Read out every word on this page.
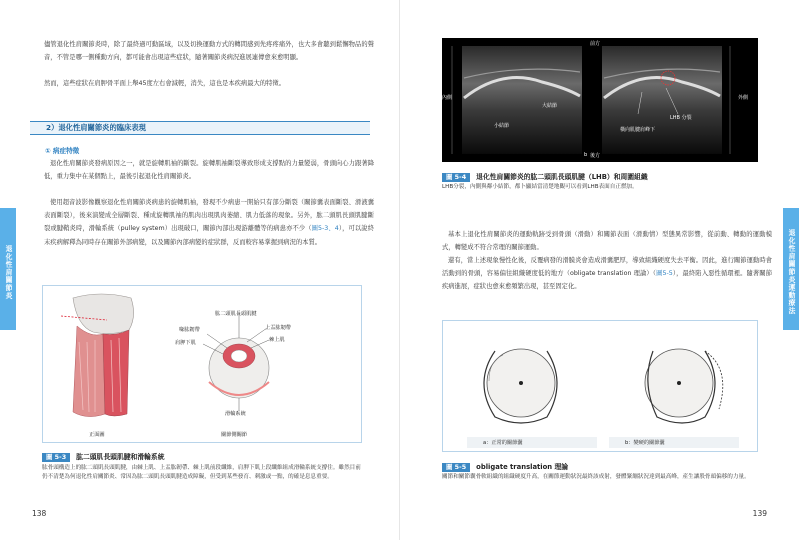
儘管退化性肩關節炎時，除了最終過可動區域，以及切換運動方式的轉間感到先疼疼痛外，也大多會聽到鬆懈物品的聲音，不管是哪一側種動方向，都可能會出現這些症狀，隨著關節炎病況進展連傳愈來愈明顯。
然而，這些症狀在肩胛骨平面上舉45度左右會減輕，消失，這也是本疾病最大的特徵。
2）退化性肩關節炎的臨床表現
① 病症特徵
退化性肩關節炎發病原因之一，就是旋轉肌袖的斷裂。旋轉肌袖斷裂導致形成支撐點的力量變弱，骨頭向心力跟著降低，重力集中在某個點上，最後引起退化性肩關節炎。
使用超音波影像觀察退化性肩關節炎病患的旋轉肌袖，發現不少病患一開始只有部分斷裂（關節囊表面斷裂、滑液囊表面斷裂），後來演變成全層斷裂、種成旋轉肌袖的肌肉出現肌肉萎縮、肌力低落的現象。另外，肱二頭肌長頭肌腱斷裂或腱鞘炎時，滑輪系統（pulley system）出現破口，關節內部出現游離體等的病患亦不少（圖5-3、4），可以說終末疾病解釋為同時存在關節外部病變，以及關節內部病變的症狀群，反而較容易掌握到病況的本質。
退化性肩關節炎
肱二頭肌長頭肌腱
喙肱韌帶	上盂肱韌帶
肩胛下肌	棘上肌
滑輪系統
正面圖	關節側關節
圖 5-3 肱二頭肌長頭肌腱和滑輪系統
肱骨頭構造上的肱二頭肌長頭肌腱，由棘上肌、上盂肱韌帶、棘上肌前段纖維，肩胛下肌上段纖維組成滑輪系統支撐住。雖然目前仍不清楚為何退化性肩關節炎、常因為肱二頭肌長頭肌腱造成障礙，但受到某些發育、刺激或一點，的確是息息重要。
138
前方
後方
內側	外側
大結節
小結節
LHB 分裂
橫向肌腱肩峰下
b
圖 5-4 退化性肩關節炎的肱二頭肌長頭肌腱（LHB）和周圍組織
LHB分裂，內側與鄰小結節，都卜顯結當清楚地觀可以看到LHB表面自正燃加。
基本上退化性肩關節炎的運動軌跡受到骨頭（滑動）和關節表面（滑動情）型態異常影響，從前動、轉動的運動模式，轉變成不符合常理的關節運動。
還有，當上述現象慢性化後，反覆病發的滑膜炎會造成滑囊肥厚，導致組織硬度失去平衡。因此，進行關節運動時會活動到的骨頭，容易偏往組織硬度低的地方（obligate translation 理論）（圖5-5），最終陷入惡性循環裡。隨著關節疾病進展，症狀也愈來愈頻繁出現，甚至固定化。	退化性肩關節炎運動療法
a：正常的關節囊	b：變硬的關節囊
圖 5-5 obligate translation 理論
關節和關節囊骨軟組織的組織硬度升高，在關節運動狀況最終該成射，發體緊繃狀況達到最高峰，產生讓股骨頭偏移的力量。
139
